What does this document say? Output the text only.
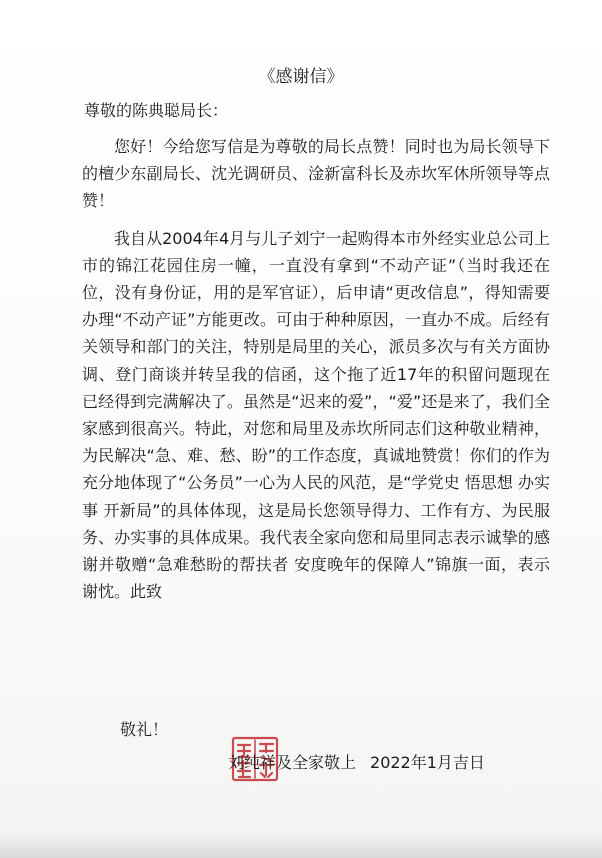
《感谢信》
尊敬的陈典聪局长：

您好！今给您写信是为尊敬的局长点赞！同时也为局长领导下的檀少东副局长、沈光调研员、淦新富科长及赤坎军休所领导等点赞！

我自从2004年4月与儿子刘宁一起购得本市外经实业总公司上市的锦江花园住房一幢，一直没有拿到“不动产证”（当时我还在位，没有身份证，用的是军官证），后申请“更改信息”，得知需要办理“不动产证”方能更改。可由于种种原因，一直办不成。后经有关领导和部门的关注，特别是局里的关心，派员多次与有关方面协调、登门商谈并转呈我的信函，这个拖了近17年的积留问题现在已经得到完满解决了。虽然是“迟来的爱”，“爱”还是来了，我们全家感到很高兴。特此，对您和局里及赤坎所同志们这种敬业精神，为民解决“急、难、愁、盼”的工作态度，真诚地赞赏！你们的作为充分地体现了“公务员”一心为人民的风范，是“学党史 悟思想 办实事 开新局”的具体体现，这是局长您领导得力、工作有方、为民服务、办实事的具体成果。我代表全家向您和局里同志表示诚挚的感谢并敬赠“急难愁盼的帮扶者 安度晚年的保障人”锦旗一面，表示谢忱。此致

敬礼！
刘纯祥及全家敬上 2022年1月吉日
